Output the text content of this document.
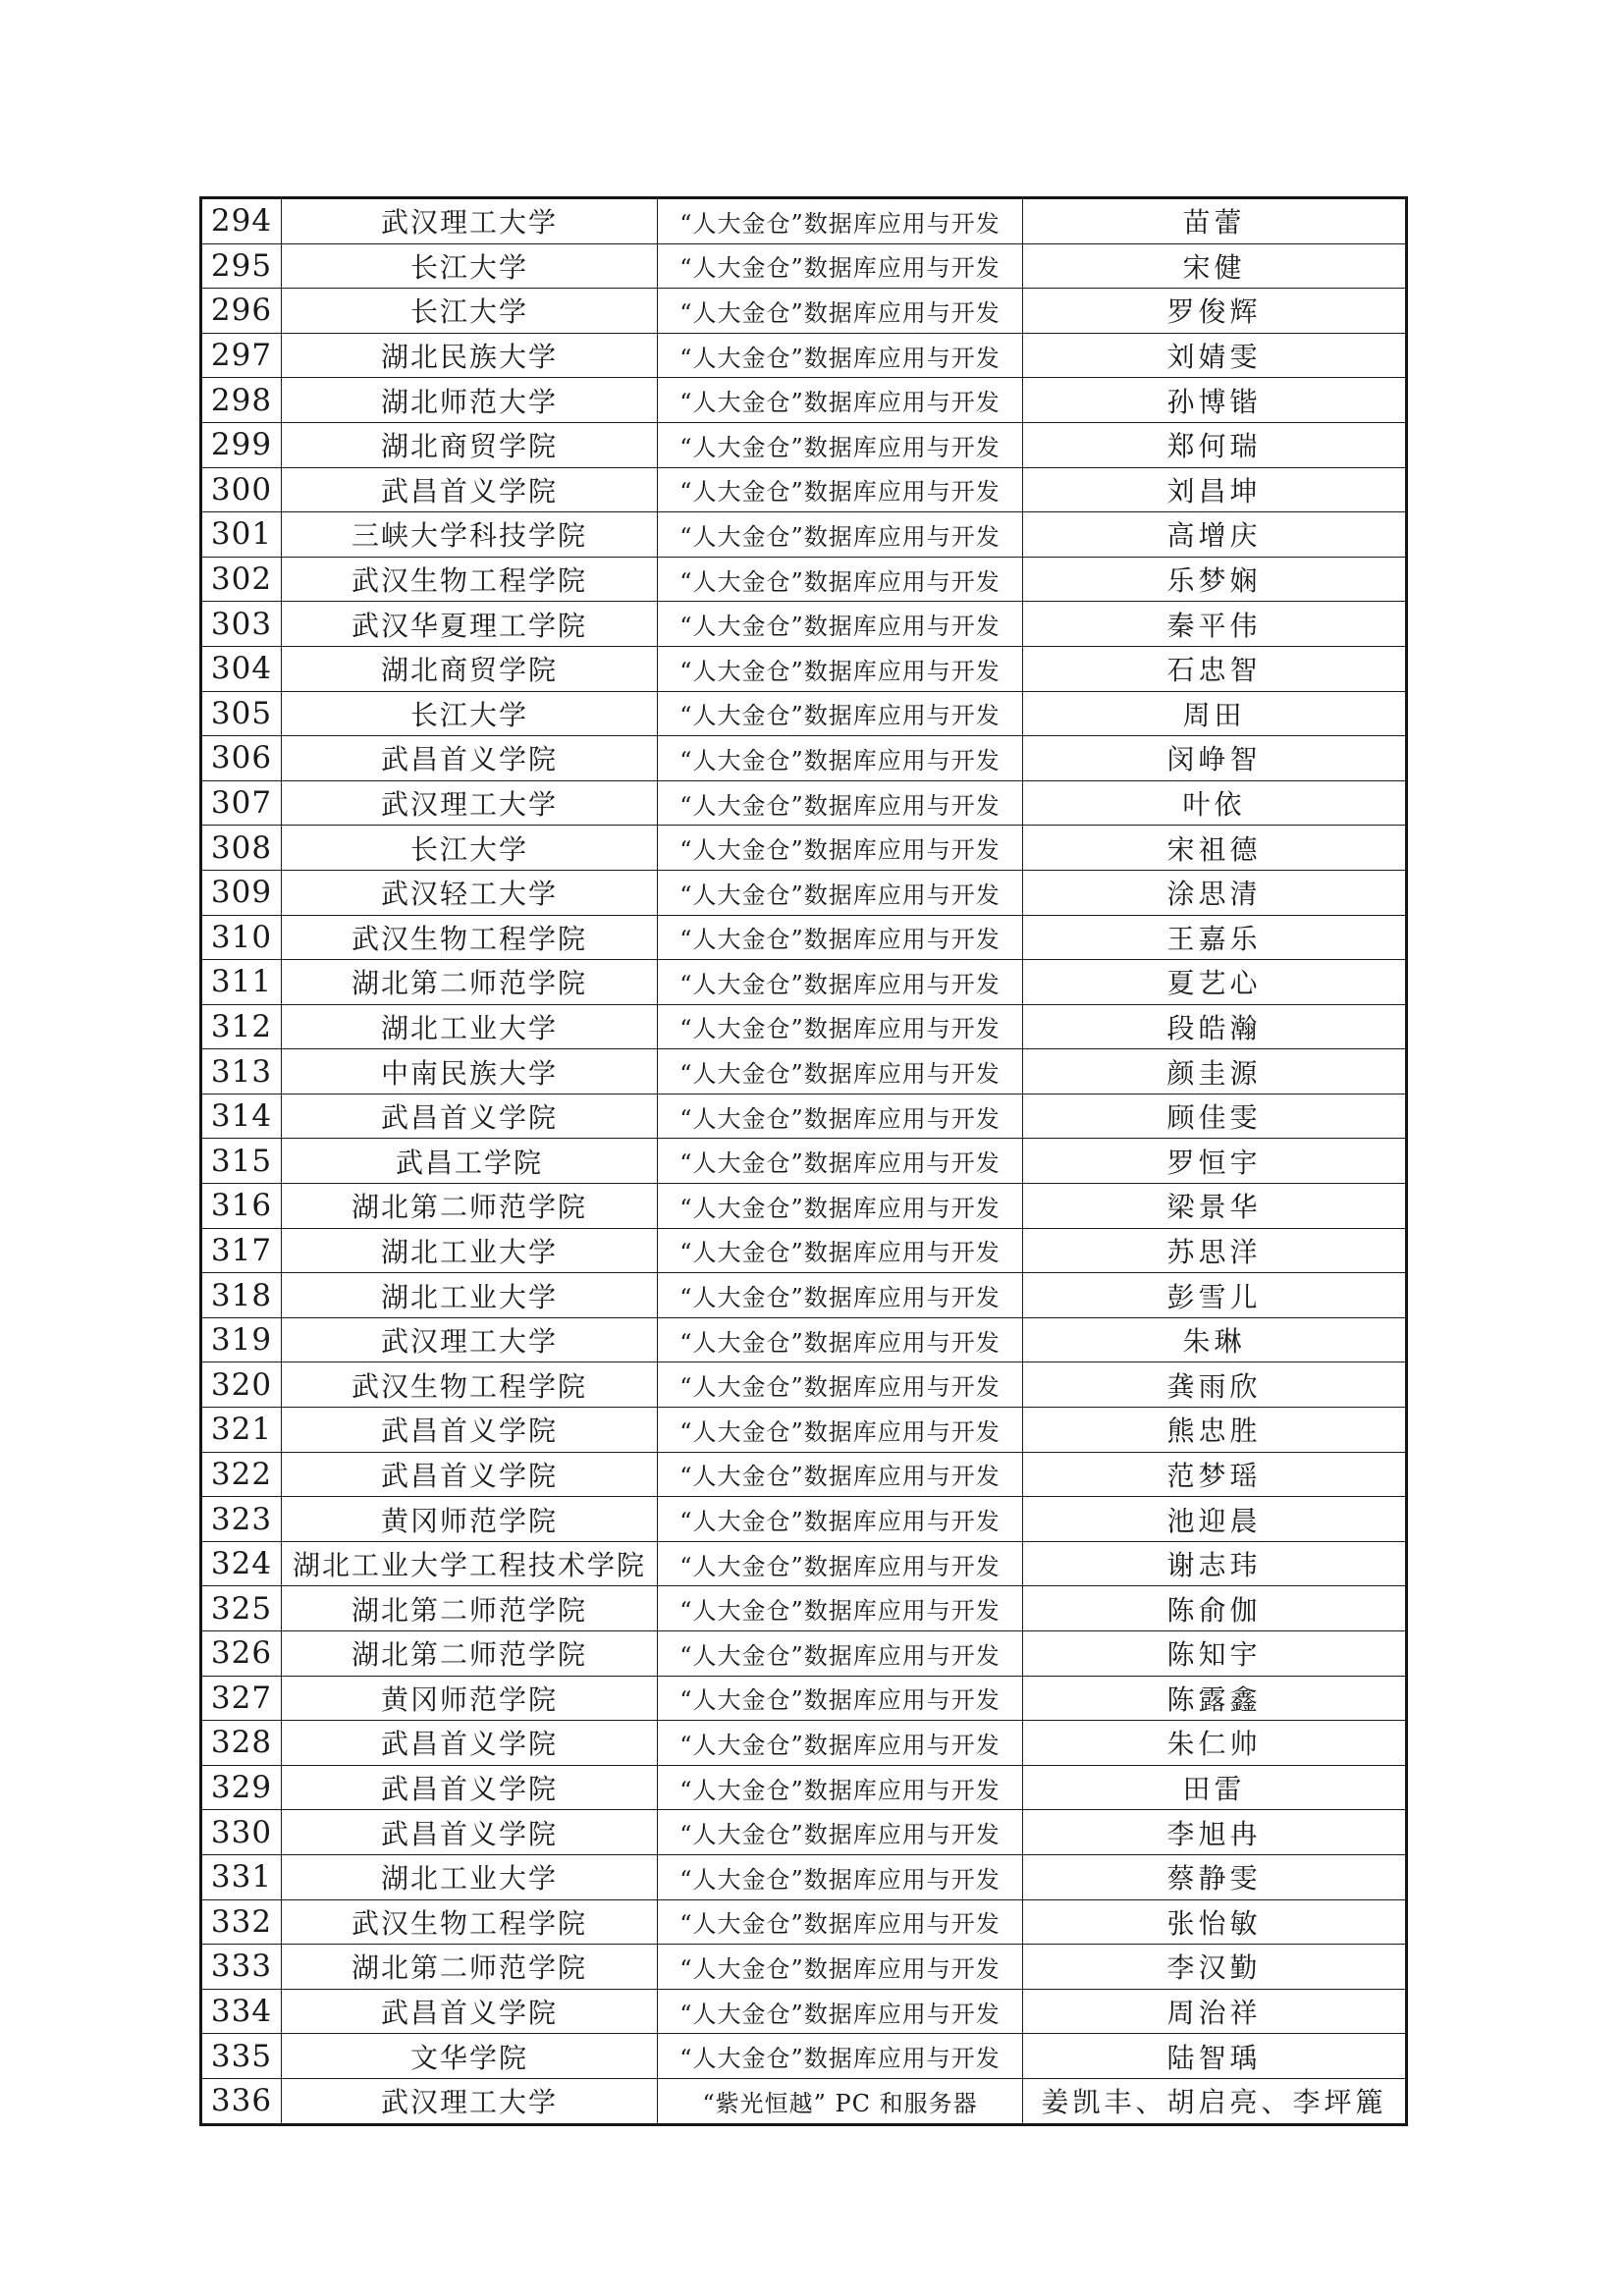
294	武汉理工大学	“人大金仓”数据库应用与开发	苗蕾
295	长江大学	“人大金仓”数据库应用与开发	宋健
296	长江大学	“人大金仓”数据库应用与开发	罗俊辉
297	湖北民族大学	“人大金仓”数据库应用与开发	刘婧雯
298	湖北师范大学	“人大金仓”数据库应用与开发	孙博锴
299	湖北商贸学院	“人大金仓”数据库应用与开发	郑何瑞
300	武昌首义学院	“人大金仓”数据库应用与开发	刘昌坤
301	三峡大学科技学院	“人大金仓”数据库应用与开发	高增庆
302	武汉生物工程学院	“人大金仓”数据库应用与开发	乐梦娴
303	武汉华夏理工学院	“人大金仓”数据库应用与开发	秦平伟
304	湖北商贸学院	“人大金仓”数据库应用与开发	石忠智
305	长江大学	“人大金仓”数据库应用与开发	周田
306	武昌首义学院	“人大金仓”数据库应用与开发	闵峥智
307	武汉理工大学	“人大金仓”数据库应用与开发	叶依
308	长江大学	“人大金仓”数据库应用与开发	宋祖德
309	武汉轻工大学	“人大金仓”数据库应用与开发	涂思清
310	武汉生物工程学院	“人大金仓”数据库应用与开发	王嘉乐
311	湖北第二师范学院	“人大金仓”数据库应用与开发	夏艺心
312	湖北工业大学	“人大金仓”数据库应用与开发	段皓瀚
313	中南民族大学	“人大金仓”数据库应用与开发	颜圭源
314	武昌首义学院	“人大金仓”数据库应用与开发	顾佳雯
315	武昌工学院	“人大金仓”数据库应用与开发	罗恒宇
316	湖北第二师范学院	“人大金仓”数据库应用与开发	梁景华
317	湖北工业大学	“人大金仓”数据库应用与开发	苏思洋
318	湖北工业大学	“人大金仓”数据库应用与开发	彭雪儿
319	武汉理工大学	“人大金仓”数据库应用与开发	朱琳
320	武汉生物工程学院	“人大金仓”数据库应用与开发	龚雨欣
321	武昌首义学院	“人大金仓”数据库应用与开发	熊忠胜
322	武昌首义学院	“人大金仓”数据库应用与开发	范梦瑶
323	黄冈师范学院	“人大金仓”数据库应用与开发	池迎晨
324	湖北工业大学工程技术学院	“人大金仓”数据库应用与开发	谢志玮
325	湖北第二师范学院	“人大金仓”数据库应用与开发	陈俞伽
326	湖北第二师范学院	“人大金仓”数据库应用与开发	陈知宇
327	黄冈师范学院	“人大金仓”数据库应用与开发	陈露鑫
328	武昌首义学院	“人大金仓”数据库应用与开发	朱仁帅
329	武昌首义学院	“人大金仓”数据库应用与开发	田雷
330	武昌首义学院	“人大金仓”数据库应用与开发	李旭冉
331	湖北工业大学	“人大金仓”数据库应用与开发	蔡静雯
332	武汉生物工程学院	“人大金仓”数据库应用与开发	张怡敏
333	湖北第二师范学院	“人大金仓”数据库应用与开发	李汉勤
334	武昌首义学院	“人大金仓”数据库应用与开发	周治祥
335	文华学院	“人大金仓”数据库应用与开发	陆智瑀
336	武汉理工大学	“紫光恒越” PC 和服务器	姜凯丰、胡启亮、李坪簏
